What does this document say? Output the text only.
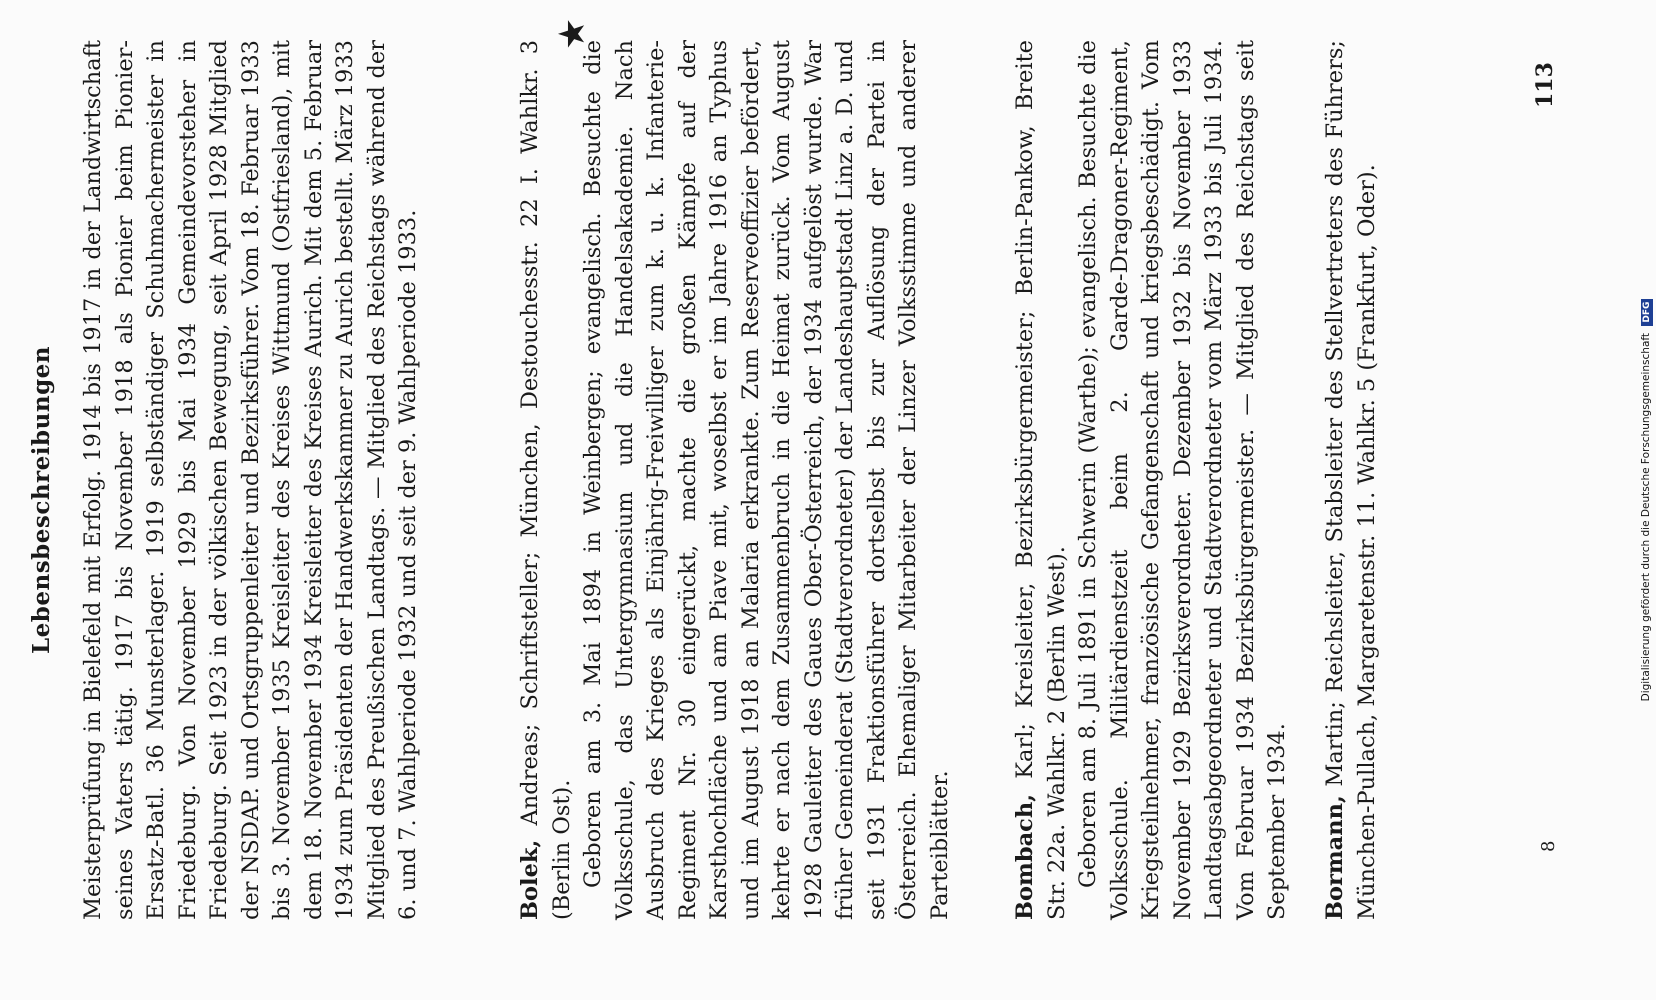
Lebensbeschreibungen
★

Meisterprüfung in Bielefeld mit Erfolg. 1914 bis 1917 in der Landwirtschaft seines Vaters tätig. 1917 bis November 1918 als Pionier beim Pionier-Ersatz-Batl. 36 Munsterlager. 1919 selbständiger Schuhmachermeister in Friedeburg. Von November 1929 bis Mai 1934 Gemeindevorsteher in Friedeburg. Seit 1923 in der völkischen Bewegung, seit April 1928 Mitglied der NSDAP. und Ortsgruppenleiter und Bezirksführer. Vom 18. Februar 1933 bis 3. November 1935 Kreisleiter des Kreises Wittmund (Ostfriesland), mit dem 18. November 1934 Kreisleiter des Kreises Aurich. Mit dem 5. Februar 1934 zum Präsidenten der Handwerkskammer zu Aurich bestellt. März 1933 Mitglied des Preußischen Landtags. — Mitglied des Reichstags während der 6. und 7. Wahlperiode 1932 und seit der 9. Wahlperiode 1933.	Bolek, Andreas; Schriftsteller; München, Destouchesstr. 22 I. Wahlkr. 3 (Berlin Ost). Geboren am 3. Mai 1894 in Weinbergen; evangelisch. Besuchte die Volksschule, das Untergymnasium und die Handelsakademie. Nach Ausbruch des Krieges als Einjährig-Freiwilliger zum k. u. k. Infanterie-Regiment Nr. 30 eingerückt, machte die großen Kämpfe auf der Karsthochfläche und am Piave mit, woselbst er im Jahre 1916 an Typhus und im August 1918 an Malaria erkrankte. Zum Reserveoffizier befördert, kehrte er nach dem Zusammenbruch in die Heimat zurück. Vom August 1928 Gauleiter des Gaues Ober-Österreich, der 1934 aufgelöst wurde. War früher Gemeinderat (Stadtverordneter) der Landeshauptstadt Linz a. D. und seit 1931 Fraktionsführer dortselbst bis zur Auflösung der Partei in Österreich. Ehemaliger Mitarbeiter der Linzer Volksstimme und anderer Parteiblätter.	Bombach, Karl; Kreisleiter, Bezirksbürgermeister; Berlin-Pankow, Breite Str. 22a. Wahlkr. 2 (Berlin West). Geboren am 8. Juli 1891 in Schwerin (Warthe); evangelisch. Besuchte die Volksschule. Militärdienstzeit beim 2. Garde-Dragoner-Regiment, Kriegsteilnehmer, französische Gefangenschaft und kriegsbeschädigt. Vom November 1929 Bezirksverordneter. Dezember 1932 bis November 1933 Landtagsabgeordneter und Stadtverordneter vom März 1933 bis Juli 1934. Vom Februar 1934 Bezirksbürgermeister. — Mitglied des Reichstags seit September 1934. Bormann, Martin; Reichsleiter, Stabsleiter des Stellvertreters des Führers; München-Pullach, Margaretenstr. 11. Wahlkr. 5 (Frankfurt, Oder).	8
113
Digitalisierung gefördert durch die Deutsche Forschungsgemeinschaft DFG
